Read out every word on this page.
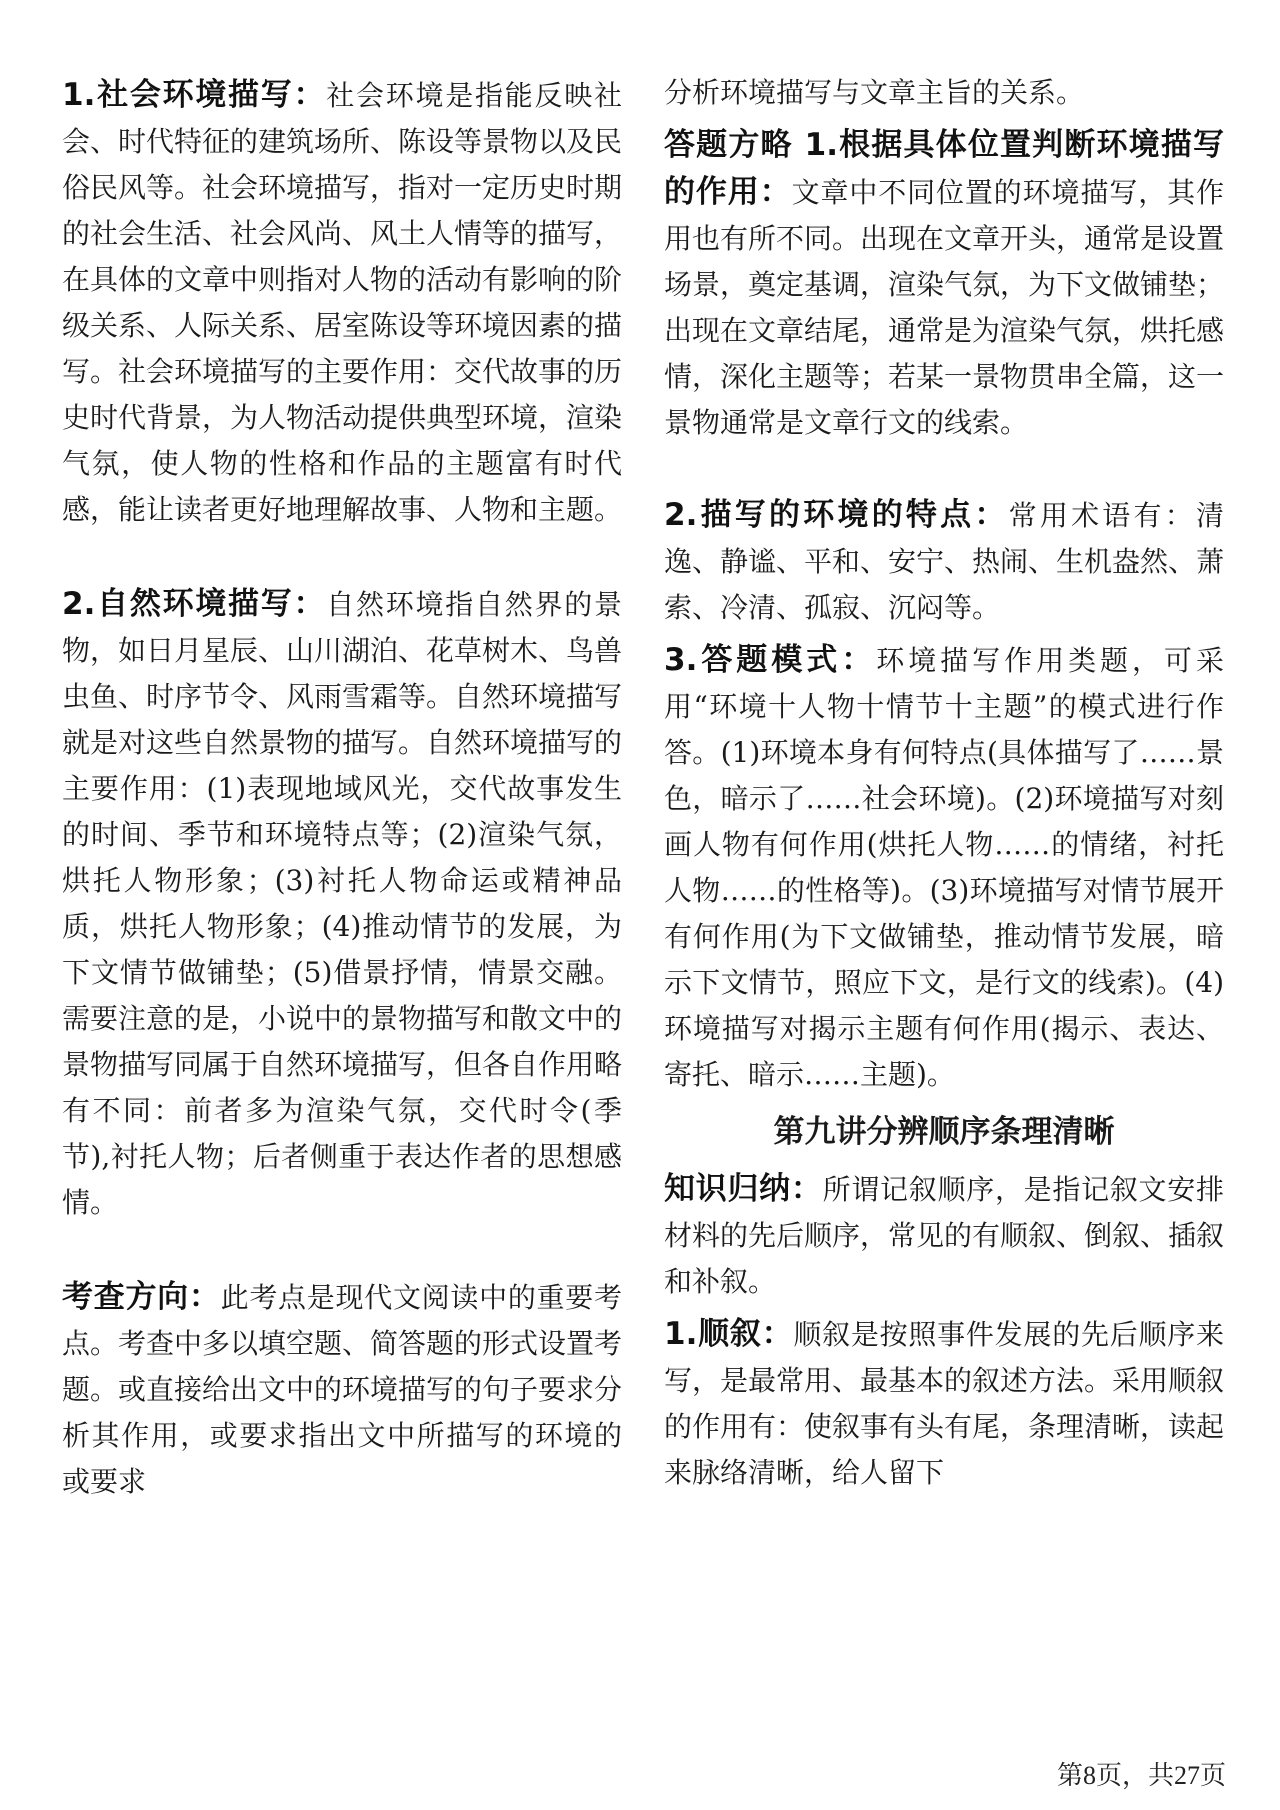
1.社会环境描写：社会环境是指能反映社会、时代特征的建筑场所、陈设等景物以及民俗民风等。社会环境描写，指对一定历史时期的社会生活、社会风尚、风土人情等的描写，在具体的文章中则指对人物的活动有影响的阶级关系、人际关系、居室陈设等环境因素的描写。社会环境描写的主要作用：交代故事的历史时代背景，为人物活动提供典型环境，渲染气氛，使人物的性格和作品的主题富有时代感，能让读者更好地理解故事、人物和主题。

2.自然环境描写：自然环境指自然界的景物，如日月星辰、山川湖泊、花草树木、鸟兽虫鱼、时序节令、风雨雪霜等。自然环境描写就是对这些自然景物的描写。自然环境描写的主要作用：(1)表现地域风光，交代故事发生的时间、季节和环境特点等；(2)渲染气氛，烘托人物形象；(3)衬托人物命运或精神品质，烘托人物形象；(4)推动情节的发展，为下文情节做铺垫；(5)借景抒情，情景交融。需要注意的是，小说中的景物描写和散文中的景物描写同属于自然环境描写，但各自作用略有不同：前者多为渲染气氛，交代时令(季节),衬托人物；后者侧重于表达作者的思想感情。

考查方向：此考点是现代文阅读中的重要考点。考查中多以填空题、简答题的形式设置考题。或直接给出文中的环境描写的句子要求分析其作用，或要求指出文中所描写的环境的 或要求

分析环境描写与文章主旨的关系。

答题方略 1.根据具体位置判断环境描写的作用：文章中不同位置的环境描写，其作用也有所不同。出现在文章开头，通常是设置场景，奠定基调，渲染气氛，为下文做铺垫；出现在文章结尾，通常是为渲染气氛，烘托感情，深化主题等；若某一景物贯串全篇，这一景物通常是文章行文的线索。

2.描写的环境的特点：常用术语有：清逸、静谧、平和、安宁、热闹、生机盎然、萧索、冷清、孤寂、沉闷等。

3.答题模式：环境描写作用类题，可采用“环境十人物十情节十主题”的模式进行作答。(1)环境本身有何特点(具体描写了……景色，暗示了……社会环境)。(2)环境描写对刻画人物有何作用(烘托人物……的情绪，衬托人物……的性格等)。(3)环境描写对情节展开有何作用(为下文做铺垫，推动情节发展，暗示下文情节，照应下文，是行文的线索)。(4)环境描写对揭示主题有何作用(揭示、表达、寄托、暗示……主题)。

第九讲分辨顺序条理清晰

知识归纳：所谓记叙顺序，是指记叙文安排材料的先后顺序，常见的有顺叙、倒叙、插叙和补叙。

1.顺叙：顺叙是按照事件发展的先后顺序来写，是最常用、最基本的叙述方法。采用顺叙的作用有：使叙事有头有尾，条理清晰，读起来脉络清晰，给人留下

第8页，共27页
